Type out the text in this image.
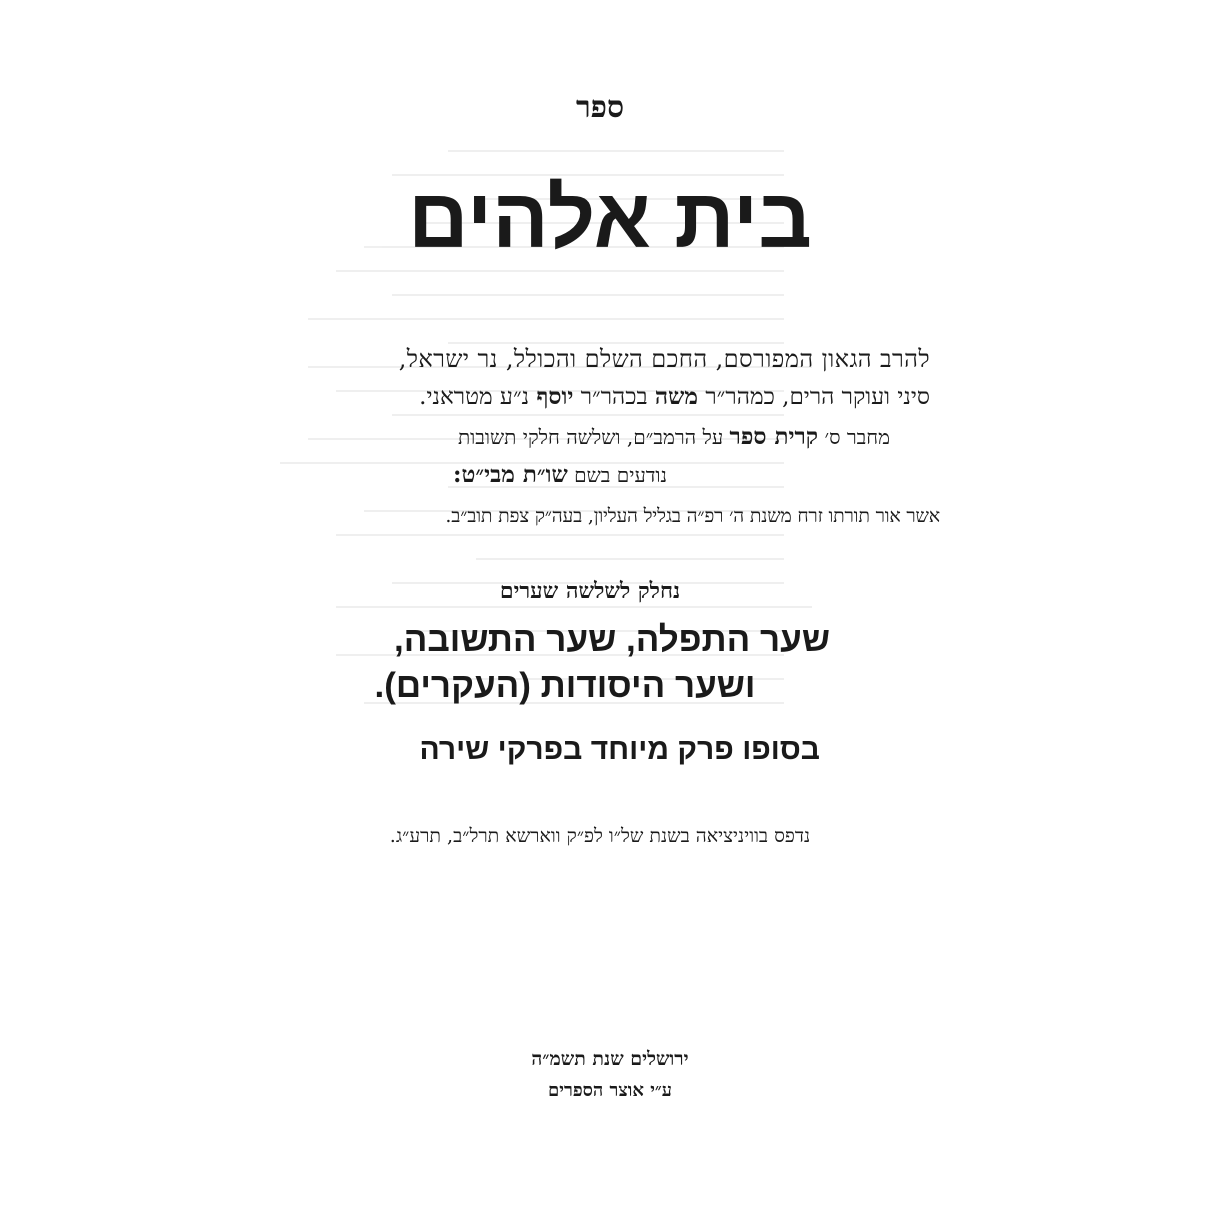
ספר
בית אלהים
להרב הגאון המפורסם, החכם השלם והכולל, נר ישראל,
סיני ועוקר הרים, כמהר״ר משה בכהר״ר יוסף נ״ע מטראני.
מחבר ס׳ קרית ספר על הרמב״ם, ושלשה חלקי תשובות
נודעים בשם שו״ת מבי״ט:
אשר אור תורתו זרח משנת ה׳ רפ״ה בגליל העליון, בעה״ק צפת תוב״ב.
נחלק לשלשה שערים
שער התפלה, שער התשובה,
ושער היסודות (העקרים).
בסופו פרק מיוחד בפרקי שירה
נדפס בוויניציאה בשנת של״ו לפ״ק ווארשא תרל״ב, תרע״ג.
ירושלים שנת תשמ״ה
ע״י אוצר הספרים
